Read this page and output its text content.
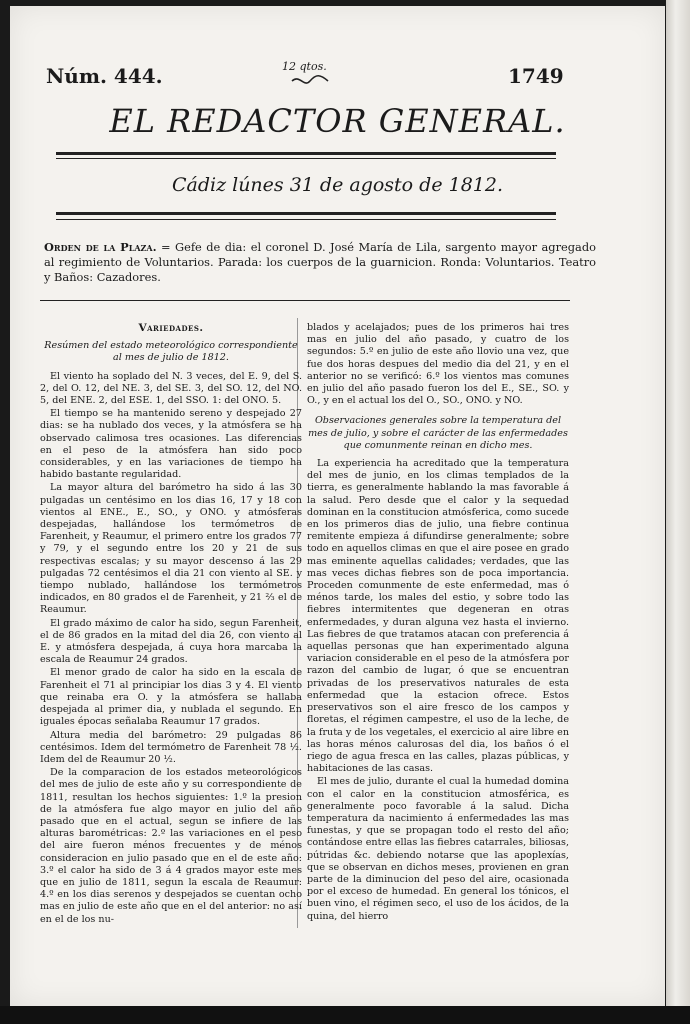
Núm. 444.	12 qtos.	1749
EL REDACTOR GENERAL.
Cádiz lúnes 31 de agosto de 1812.
Orden de la Plaza. = Gefe de dia: el coronel D. José María de Lila, sargento mayor agregado al regimiento de Voluntarios. Parada: los cuerpos de la guarnicion. Ronda: Voluntarios. Teatro y Baños: Cazadores.
Variedades.
Resúmen del estado meteorológico correspondiente al mes de julio de 1812.

El viento ha soplado del N. 3 veces, del E. 9, del S. 2, del O. 12, del NE. 3, del SE. 3, del SO. 12, del NO. 5, del ENE. 2, del ESE. 1, del SSO. 1: del ONO. 5.

El tiempo se ha mantenido sereno y despejado 27 dias: se ha nublado dos veces, y la atmósfera se ha observado calimosa tres ocasiones. Las diferencias en el peso de la atmósfera han sido poco considerables, y en las variaciones de tiempo ha habido bastante regularidad.

La mayor altura del barómetro ha sido á las 30 pulgadas un centésimo en los dias 16, 17 y 18 con vientos al ENE., E., SO., y ONO. y atmósferas despejadas, hallándose los termómetros de Farenheit, y Reaumur, el primero entre los grados 77 y 79, y el segundo entre los 20 y 21 de sus respectivas escalas; y su mayor descenso á las 29 pulgadas 72 centésimos el dia 21 con viento al SE. y tiempo nublado, hallándose los termómetros indicados, en 80 grados el de Farenheit, y 21 ⅔ el de Reaumur.

El grado máximo de calor ha sido, segun Farenheit, el de 86 grados en la mitad del dia 26, con viento al E. y atmósfera despejada, á cuya hora marcaba la escala de Reaumur 24 grados.

El menor grado de calor ha sido en la escala de Farenheit el 71 al principiar los dias 3 y 4. El viento que reinaba era O. y la atmósfera se hallaba despejada al primer dia, y nublada el segundo. En iguales épocas señalaba Reaumur 17 grados.

Altura media del barómetro: 29 pulgadas 86 centésimos. Idem del termómetro de Farenheit 78 ½. Idem del de Reaumur 20 ½.

De la comparacion de los estados meteorológicos del mes de julio de este año y su correspondiente de 1811, resultan los hechos siguientes: 1.º la presion de la atmósfera fue algo mayor en julio del año pasado que en el actual, segun se infiere de las alturas barométricas: 2.º las variaciones en el peso del aire fueron ménos frecuentes y de ménos consideracion en julio pasado que en el de este año: 3.º el calor ha sido de 3 á 4 grados mayor este mes que en julio de 1811, segun la escala de Reaumur: 4.º en los dias serenos y despejados se cuentan ocho mas en julio de este año que en el del anterior: no así en el de los nu-

blados y acelajados; pues de los primeros hai tres mas en julio del año pasado, y cuatro de los segundos: 5.º en julio de este año llovio una vez, que fue dos horas despues del medio dia del 21, y en el anterior no se verificó: 6.º los vientos mas comunes en julio del año pasado fueron los del E., SE., SO. y O., y en el actual los del O., SO., ONO. y NO.

Observaciones generales sobre la temperatura del mes de julio, y sobre el carácter de las enfermedades que comunmente reinan en dicho mes.

La experiencia ha acreditado que la temperatura del mes de junio, en los climas templados de la tierra, es generalmente hablando la mas favorable á la salud. Pero desde que el calor y la sequedad dominan en la constitucion atmósferica, como sucede en los primeros dias de julio, una fiebre continua remitente empieza á difundirse generalmente; sobre todo en aquellos climas en que el aire posee en grado mas eminente aquellas calidades; verdades, que las mas veces dichas fiebres son de poca importancia. Proceden comunmente de este enfermedad, mas ó ménos tarde, los males del estio, y sobre todo las fiebres intermitentes que degeneran en otras enfermedades, y duran alguna vez hasta el invierno. Las fiebres de que tratamos atacan con preferencia á aquellas personas que han experimentado alguna variacion considerable en el peso de la atmósfera por razon del cambio de lugar, ó que se encuentran privadas de los preservativos naturales de esta enfermedad que la estacion ofrece. Estos preservativos son el aire fresco de los campos y floretas, el régimen campestre, el uso de la leche, de la fruta y de los vegetales, el exercicio al aire libre en las horas ménos calurosas del dia, los baños ó el riego de agua fresca en las calles, plazas públicas, y habitaciones de las casas.

El mes de julio, durante el cual la humedad domina con el calor en la constitucion atmosférica, es generalmente poco favorable á la salud. Dicha temperatura da nacimiento á enfermedades las mas funestas, y que se propagan todo el resto del año; contándose entre ellas las fiebres catarrales, biliosas, pútridas &c. debiendo notarse que las apoplexías, que se observan en dichos meses, provienen en gran parte de la diminucion del peso del aire, ocasionada por el exceso de humedad. En general los tónicos, el buen vino, el régimen seco, el uso de los ácidos, de la quina, del hierro
